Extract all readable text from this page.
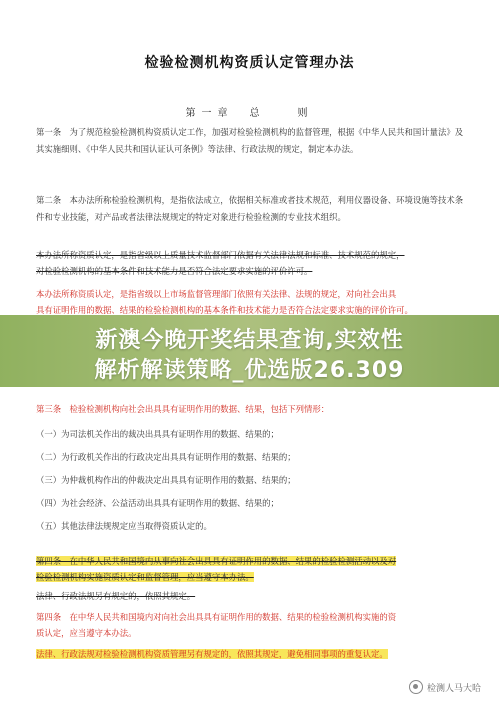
检验检测机构资质认定管理办法
第一章　总　　则
第一条　为了规范检验检测机构资质认定工作，加强对检验检测机构的监督管理，根据《中华人民共和国计量法》及其实施细则、《中华人民共和国认证认可条例》等法律、行政法规的规定，制定本办法。
第二条　本办法所称检验检测机构，是指依法成立，依据相关标准或者技术规范，利用仪器设备、环境设施等技术条件和专业技能，对产品或者法律法规规定的特定对象进行检验检测的专业技术组织。
本办法所称资质认定，是指省级以上质量技术监督部门依据有关法律法规和标准、技术规范的规定，
对检验检测机构的基本条件和技术能力是否符合法定要求实施的评价许可。
本办法所称资质认定，是指省级以上市场监督管理部门依照有关法律、法规的规定，对向社会出具
具有证明作用的数据、结果的检验检测机构的基本条件和技术能力是否符合法定要求实施的评价许可。
新澳今晚开奖结果查询,实效性
解析解读策略_优选版26.309
第三条　检验检测机构向社会出具具有证明作用的数据、结果，包括下列情形：
（一）为司法机关作出的裁决出具具有证明作用的数据、结果的；
（二）为行政机关作出的行政决定出具具有证明作用的数据、结果的；
（三）为仲裁机构作出的仲裁决定出具具有证明作用的数据、结果的；
（四）为社会经济、公益活动出具具有证明作用的数据、结果的；
（五）其他法律法规规定应当取得资质认定的。
第四条　在中华人民共和国境内从事向社会出具具有证明作用的数据、结果的检验检测活动以及对
检验检测机构实施资质认定和监督管理，应当遵守本办法。
法律、行政法规另有规定的，依照其规定。
第四条　在中华人民共和国境内对向社会出具具有证明作用的数据、结果的检验检测机构实施的资
质认定，应当遵守本办法。
法律、行政法规对检验检测机构资质管理另有规定的，依照其规定，避免相同事项的重复认定。
检测人马大哈
